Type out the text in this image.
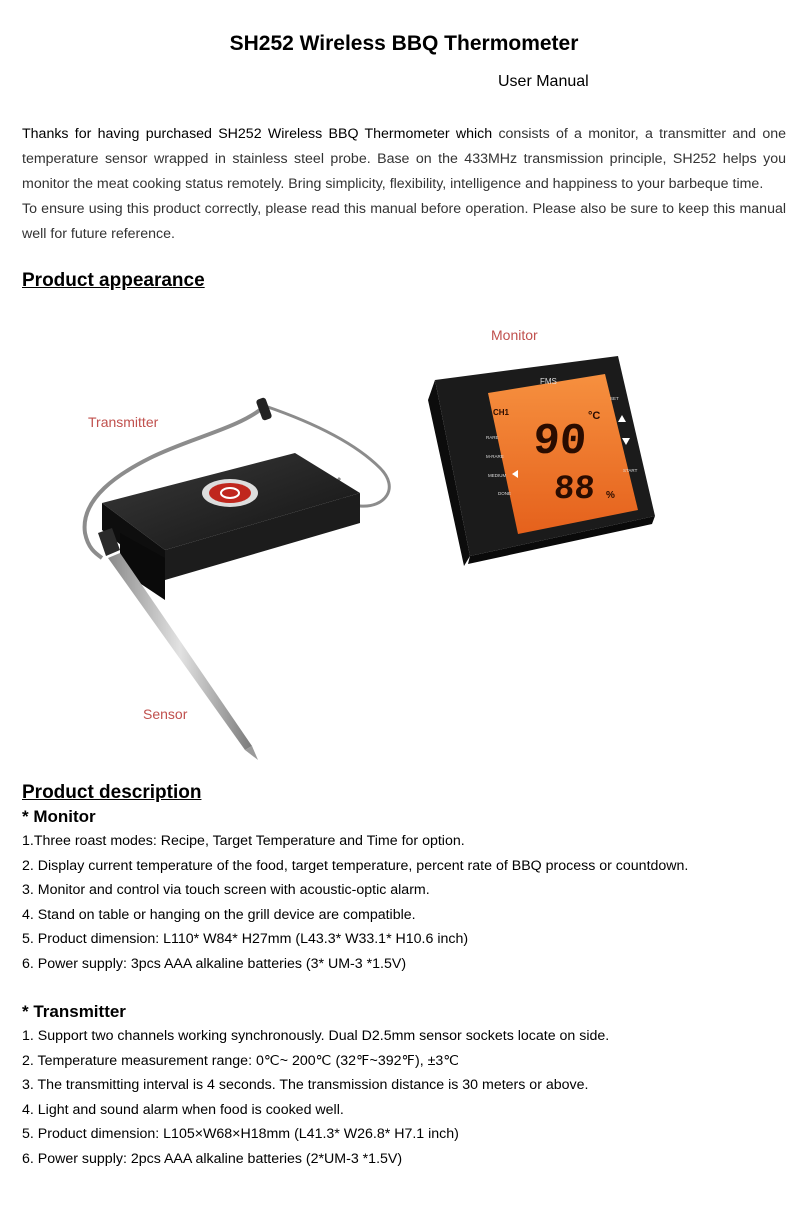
SH252 Wireless BBQ Thermometer
User Manual

Thanks for having purchased SH252 Wireless BBQ Thermometer which consists of a monitor, a transmitter and one temperature sensor wrapped in stainless steel probe. Base on the 433MHz transmission principle, SH252 helps you monitor the meat cooking status remotely. Bring simplicity, flexibility, intelligence and happiness to your barbeque time.

To ensure using this product correctly, please read this manual before operation. Please also be sure to keep this manual well for future reference.

Product appearance
FMS
CH1
90
°C
88 %
RARE
M-RARE
MEDIUM
DONE
SET
START
Monitor
Transmitter
Sensor
Product description
* Monitor
1.Three roast modes: Recipe, Target Temperature and Time for option.
2. Display current temperature of the food, target temperature, percent rate of BBQ process or countdown.
3. Monitor and control via touch screen with acoustic-optic alarm.
4. Stand on table or hanging on the grill device are compatible.
5. Product dimension: L110* W84* H27mm (L43.3* W33.1* H10.6 inch)
6. Power supply: 3pcs AAA alkaline batteries (3* UM-3 *1.5V)
* Transmitter
1. Support two channels working synchronously. Dual D2.5mm sensor sockets locate on side.
2. Temperature measurement range: 0℃~ 200℃ (32℉~392℉), ±3℃
3. The transmitting interval is 4 seconds. The transmission distance is 30 meters or above.
4. Light and sound alarm when food is cooked well.
5. Product dimension: L105×W68×H18mm (L41.3* W26.8* H7.1 inch)
6. Power supply: 2pcs AAA alkaline batteries (2*UM-3 *1.5V)
